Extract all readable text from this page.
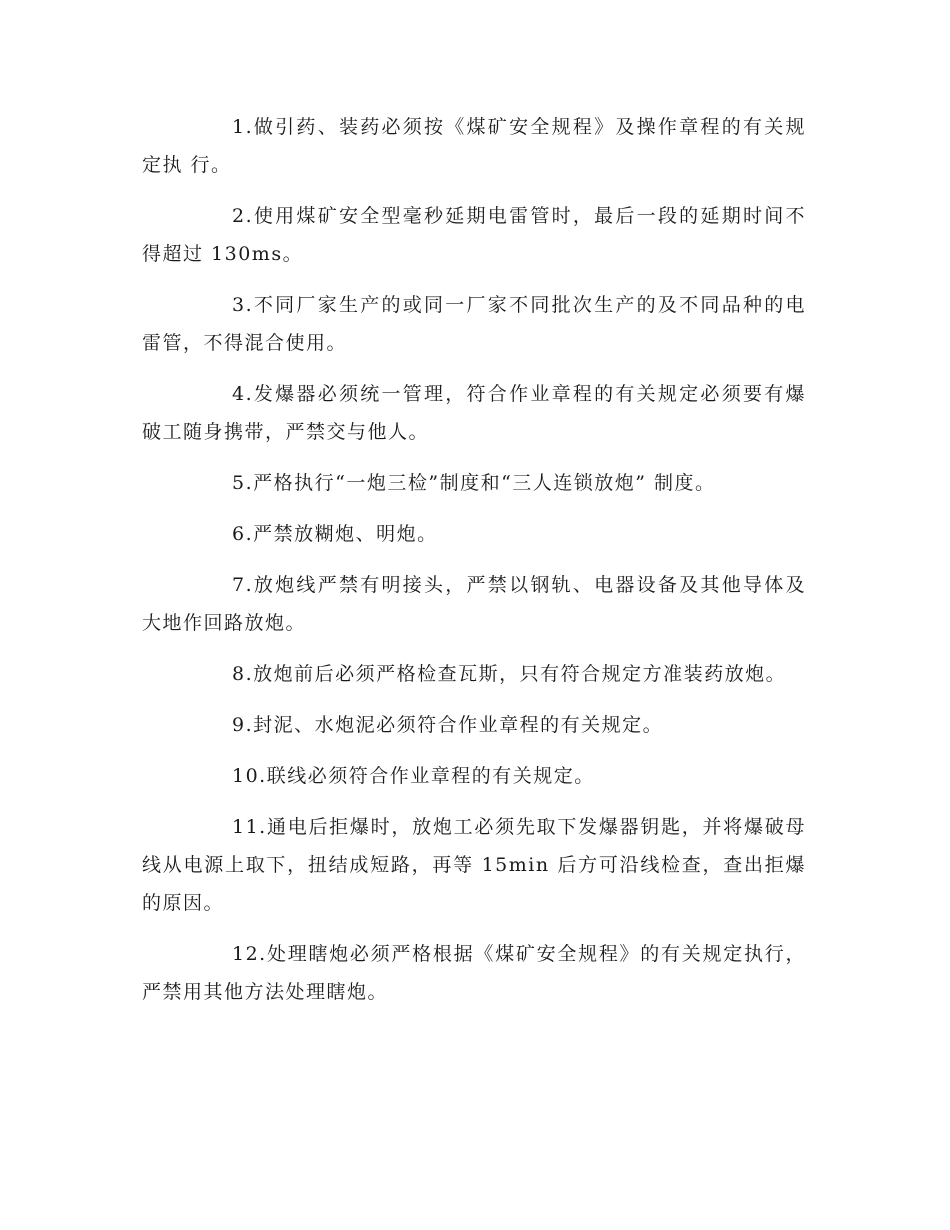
1.做引药、装药必须按《煤矿安全规程》及操作章程的有关规定执 行。

2.使用煤矿安全型毫秒延期电雷管时，最后一段的延期时间不得超过 130ms。

3.不同厂家生产的或同一厂家不同批次生产的及不同品种的电雷管，不得混合使用。

4.发爆器必须统一管理，符合作业章程的有关规定必须要有爆破工随身携带，严禁交与他人。

5.严格执行“一炮三检”制度和“三人连锁放炮” 制度。

6.严禁放糊炮、明炮。

7.放炮线严禁有明接头，严禁以钢轨、电器设备及其他导体及大地作回路放炮。

8.放炮前后必须严格检查瓦斯，只有符合规定方准装药放炮。

9.封泥、水炮泥必须符合作业章程的有关规定。

10.联线必须符合作业章程的有关规定。

11.通电后拒爆时，放炮工必须先取下发爆器钥匙，并将爆破母线从电源上取下，扭结成短路，再等 15min 后方可沿线检查，查出拒爆的原因。

12.处理瞎炮必须严格根据《煤矿安全规程》的有关规定执行，严禁用其他方法处理瞎炮。
